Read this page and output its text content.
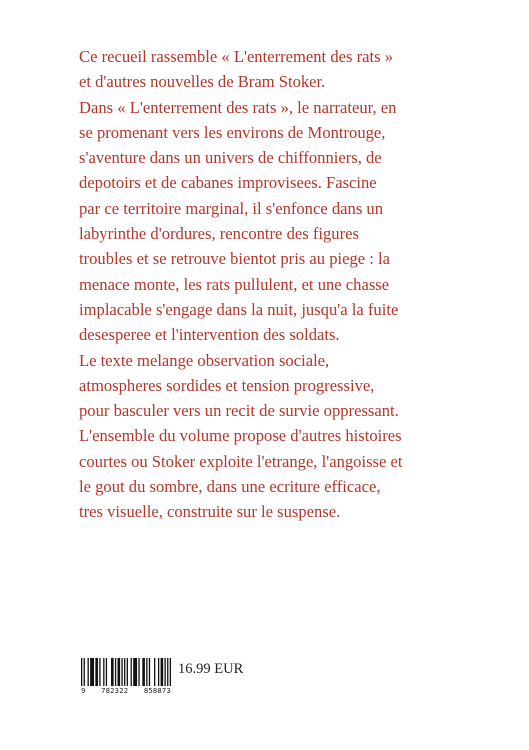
Ce recueil rassemble « L'enterrement des rats »
et d'autres nouvelles de Bram Stoker.
Dans « L'enterrement des rats », le narrateur, en
se promenant vers les environs de Montrouge,
s'aventure dans un univers de chiffonniers, de
depotoirs et de cabanes improvisees. Fascine
par ce territoire marginal, il s'enfonce dans un
labyrinthe d'ordures, rencontre des figures
troubles et se retrouve bientot pris au piege : la
menace monte, les rats pullulent, et une chasse
implacable s'engage dans la nuit, jusqu'a la fuite
desesperee et l'intervention des soldats.
Le texte melange observation sociale,
atmospheres sordides et tension progressive,
pour basculer vers un recit de survie oppressant.
L'ensemble du volume propose d'autres histoires
courtes ou Stoker exploite l'etrange, l'angoisse et
le gout du sombre, dans une ecriture efficace,
tres visuelle, construite sur le suspense.
9 782322 858873
16.99 EUR
